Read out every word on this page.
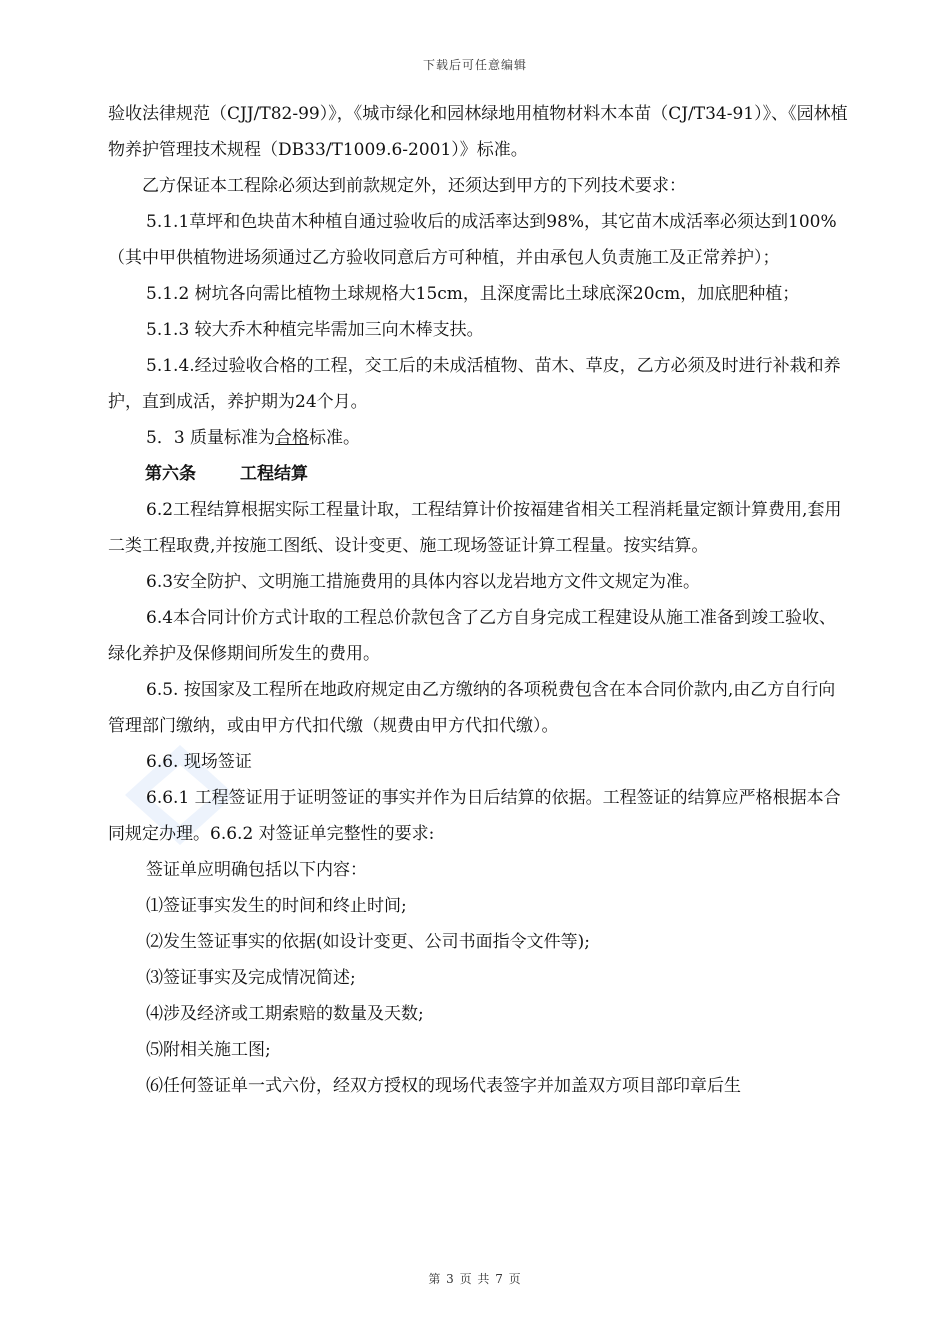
下载后可任意编辑

验收法律规范（CJJ/T82-99）》，《城市绿化和园林绿地用植物材料木本苗（CJ/T34-91）》、《园林植物养护管理技术规程（DB33/T1009.6-2001）》标准。

乙方保证本工程除必须达到前款规定外，还须达到甲方的下列技术要求：

5.1.1草坪和色块苗木种植自通过验收后的成活率达到98%，其它苗木成活率必须达到100%（其中甲供植物进场须通过乙方验收同意后方可种植，并由承包人负责施工及正常养护）；

5.1.2 树坑各向需比植物土球规格大15cm，且深度需比土球底深20cm，加底肥种植；

5.1.3 较大乔木种植完毕需加三向木棒支扶。

5.1.4.经过验收合格的工程，交工后的未成活植物、苗木、草皮，乙方必须及时进行补栽和养护，直到成活，养护期为24个月。

5．3 质量标准为合格标准。

第六条	工程结算

6.2工程结算根据实际工程量计取，工程结算计价按福建省相关工程消耗量定额计算费用,套用二类工程取费,并按施工图纸、设计变更、施工现场签证计算工程量。按实结算。

6.3安全防护、文明施工措施费用的具体内容以龙岩地方文件文规定为准。

6.4本合同计价方式计取的工程总价款包含了乙方自身完成工程建设从施工准备到竣工验收、绿化养护及保修期间所发生的费用。

6.5. 按国家及工程所在地政府规定由乙方缴纳的各项税费包含在本合同价款内,由乙方自行向管理部门缴纳，或由甲方代扣代缴（规费由甲方代扣代缴）。

6.6. 现场签证

6.6.1 工程签证用于证明签证的事实并作为日后结算的依据。工程签证的结算应严格根据本合同规定办理。6.6.2 对签证单完整性的要求:

签证单应明确包括以下内容：

⑴签证事实发生的时间和终止时间;

⑵发生签证事实的依据(如设计变更、公司书面指令文件等);

⑶签证事实及完成情况简述;

⑷涉及经济或工期索赔的数量及天数;

⑸附相关施工图;

⑹任何签证单一式六份，经双方授权的现场代表签字并加盖双方项目部印章后生

第 3 页 共 7 页
